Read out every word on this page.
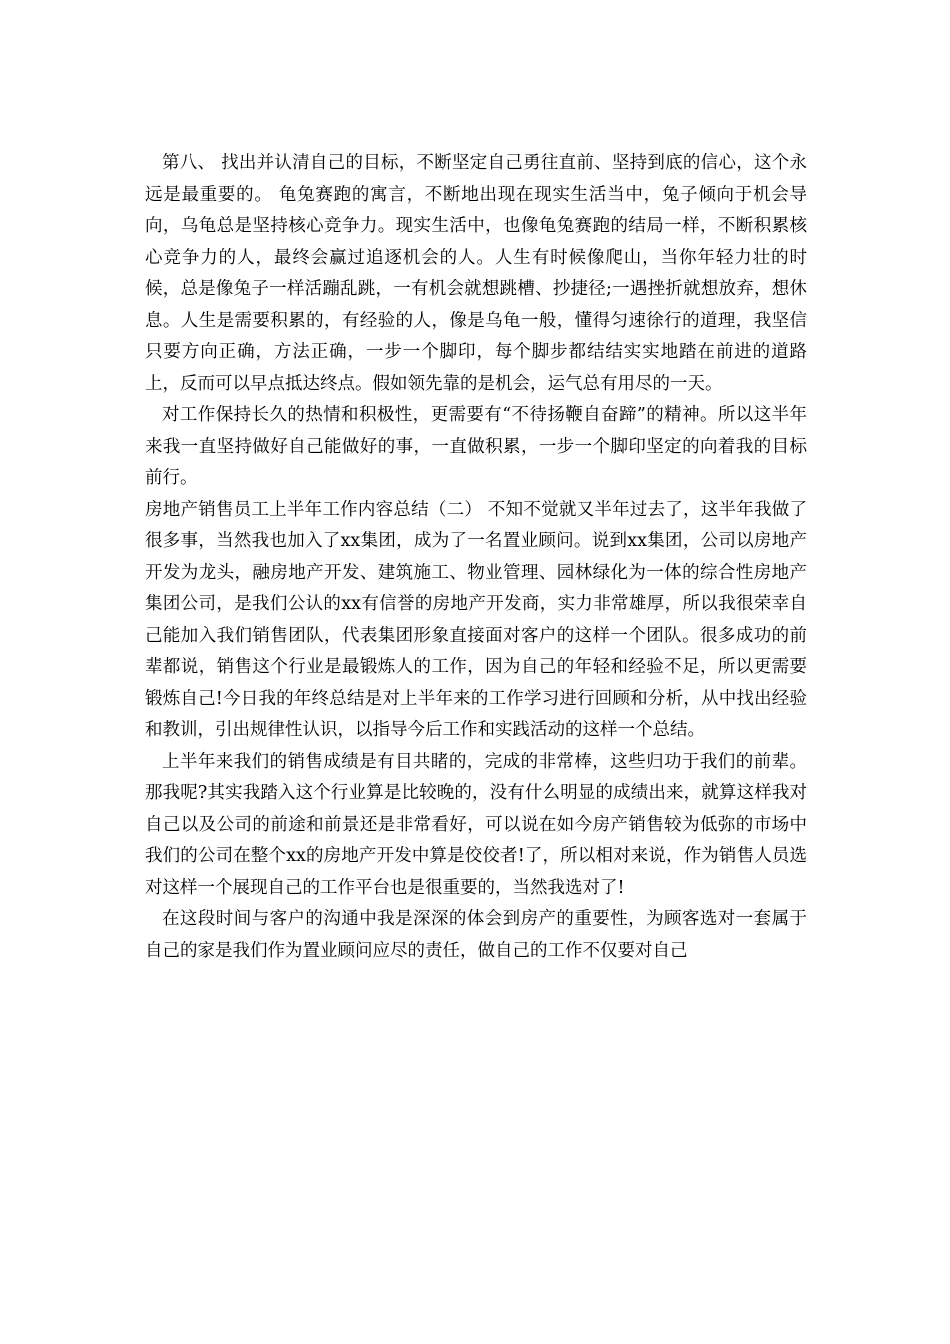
第八、 找出并认清自己的目标，不断坚定自己勇往直前、坚持到底的信心，这个永远是最重要的。 龟兔赛跑的寓言，不断地出现在现实生活当中，兔子倾向于机会导向，乌龟总是坚持核心竞争力。现实生活中，也像龟兔赛跑的结局一样，不断积累核心竞争力的人，最终会赢过追逐机会的人。人生有时候像爬山，当你年轻力壮的时候，总是像兔子一样活蹦乱跳，一有机会就想跳槽、抄捷径;一遇挫折就想放弃，想休息。人生是需要积累的，有经验的人，像是乌龟一般，懂得匀速徐行的道理，我坚信只要方向正确，方法正确，一步一个脚印，每个脚步都结结实实地踏在前进的道路上，反而可以早点抵达终点。假如领先靠的是机会，运气总有用尽的一天。

对工作保持长久的热情和积极性，更需要有“不待扬鞭自奋蹄”的精神。所以这半年来我一直坚持做好自己能做好的事，一直做积累，一步一个脚印坚定的向着我的目标前行。

房地产销售员工上半年工作内容总结（二） 不知不觉就又半年过去了，这半年我做了很多事，当然我也加入了xx集团，成为了一名置业顾问。说到xx集团，公司以房地产开发为龙头，融房地产开发、建筑施工、物业管理、园林绿化为一体的综合性房地产集团公司，是我们公认的xx有信誉的房地产开发商，实力非常雄厚，所以我很荣幸自己能加入我们销售团队，代表集团形象直接面对客户的这样一个团队。很多成功的前辈都说，销售这个行业是最锻炼人的工作，因为自己的年轻和经验不足，所以更需要锻炼自己!今日我的年终总结是对上半年来的工作学习进行回顾和分析，从中找出经验和教训，引出规律性认识，以指导今后工作和实践活动的这样一个总结。

上半年来我们的销售成绩是有目共睹的，完成的非常棒，这些归功于我们的前辈。那我呢?其实我踏入这个行业算是比较晚的，没有什么明显的成绩出来，就算这样我对自己以及公司的前途和前景还是非常看好，可以说在如今房产销售较为低弥的市场中我们的公司在整个xx的房地产开发中算是佼佼者!了，所以相对来说，作为销售人员选对这样一个展现自己的工作平台也是很重要的，当然我选对了!

在这段时间与客户的沟通中我是深深的体会到房产的重要性，为顾客选对一套属于自己的家是我们作为置业顾问应尽的责任，做自己的工作不仅要对自己
